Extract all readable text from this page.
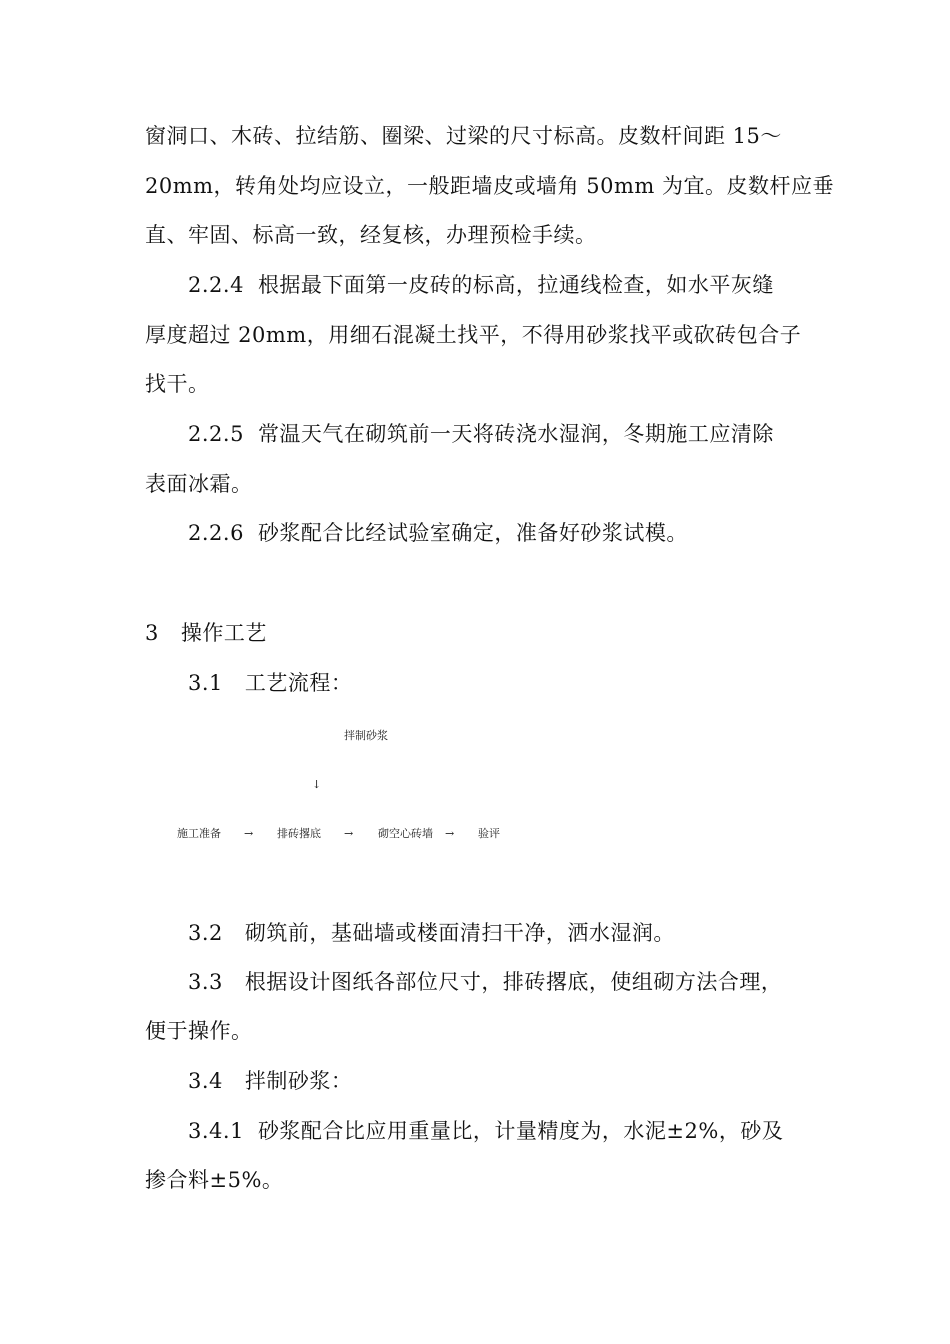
窗洞口、木砖、拉结筋、圈梁、过梁的尺寸标高。皮数杆间距 15～
20mm，转角处均应设立，一般距墙皮或墙角 50mm 为宜。皮数杆应垂
直、牢固、标高一致，经复核，办理预检手续。
2.2.4 根据最下面第一皮砖的标高，拉通线检查，如水平灰缝
厚度超过 20mm，用细石混凝土找平，不得用砂浆找平或砍砖包合子
找干。
2.2.5 常温天气在砌筑前一天将砖浇水湿润，冬期施工应清除
表面冰霜。
2.2.6 砂浆配合比经试验室确定，准备好砂浆试模。
3 操作工艺
3.1 工艺流程：
拌制砂浆
↓
施工准备 → 排砖撂底 → 砌空心砖墙 → 验评
3.2 砌筑前，基础墙或楼面清扫干净，洒水湿润。
3.3 根据设计图纸各部位尺寸，排砖撂底，使组砌方法合理，
便于操作。
3.4 拌制砂浆：
3.4.1 砂浆配合比应用重量比，计量精度为，水泥±2%，砂及
掺合料±5%。
